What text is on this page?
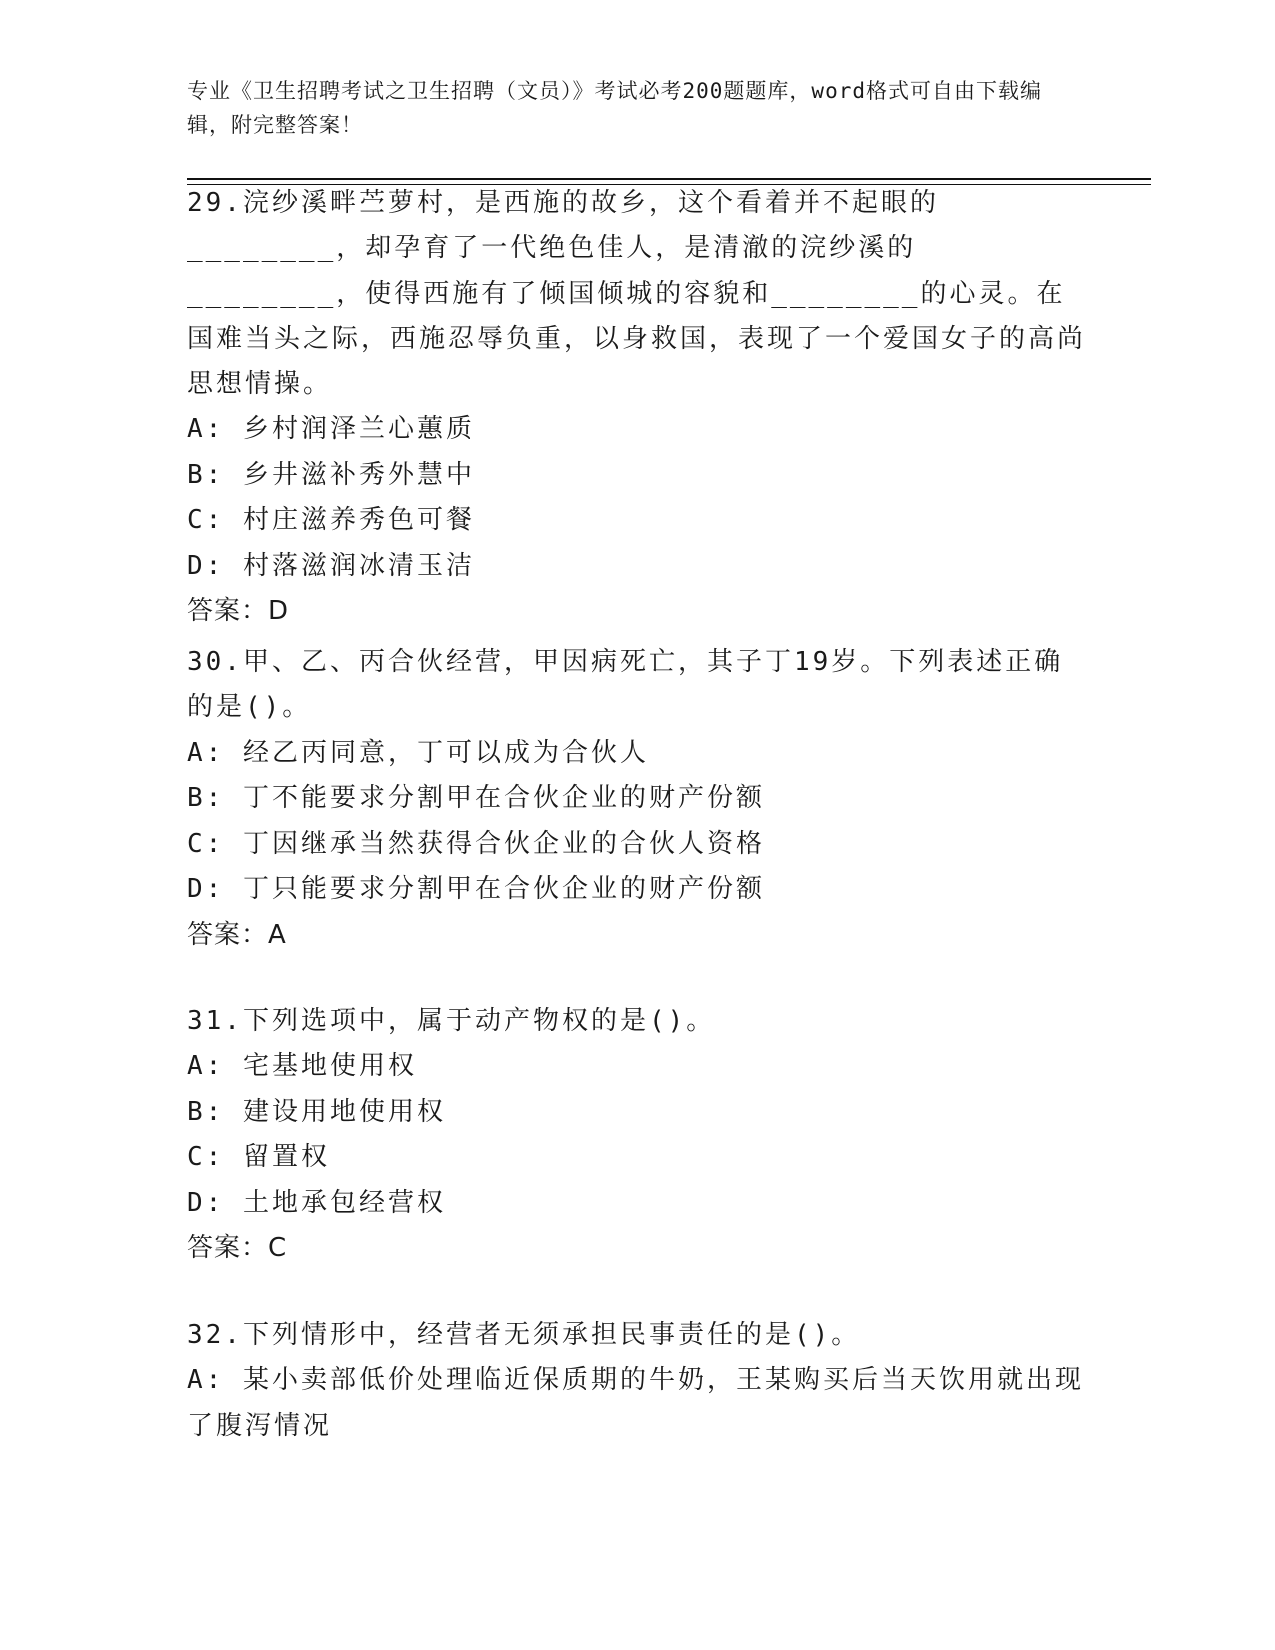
专业《卫生招聘考试之卫生招聘（文员）》考试必考200题题库，word格式可自由下载编辑，附完整答案！

29.浣纱溪畔苎萝村，是西施的故乡，这个看着并不起眼的________，却孕育了一代绝色佳人，是清澈的浣纱溪的________，使得西施有了倾国倾城的容貌和________的心灵。在国难当头之际，西施忍辱负重，以身救国，表现了一个爱国女子的高尚思想情操。

A: 乡村润泽兰心蕙质

B: 乡井滋补秀外慧中

C: 村庄滋养秀色可餐

D: 村落滋润冰清玉洁

答案：D

30.甲、乙、丙合伙经营，甲因病死亡，其子丁19岁。下列表述正确的是()。

A: 经乙丙同意，丁可以成为合伙人

B: 丁不能要求分割甲在合伙企业的财产份额

C: 丁因继承当然获得合伙企业的合伙人资格

D: 丁只能要求分割甲在合伙企业的财产份额

答案：A

31.下列选项中，属于动产物权的是()。

A: 宅基地使用权

B: 建设用地使用权

C: 留置权

D: 土地承包经营权

答案：C

32.下列情形中，经营者无须承担民事责任的是()。

A: 某小卖部低价处理临近保质期的牛奶，王某购买后当天饮用就出现了腹泻情况
